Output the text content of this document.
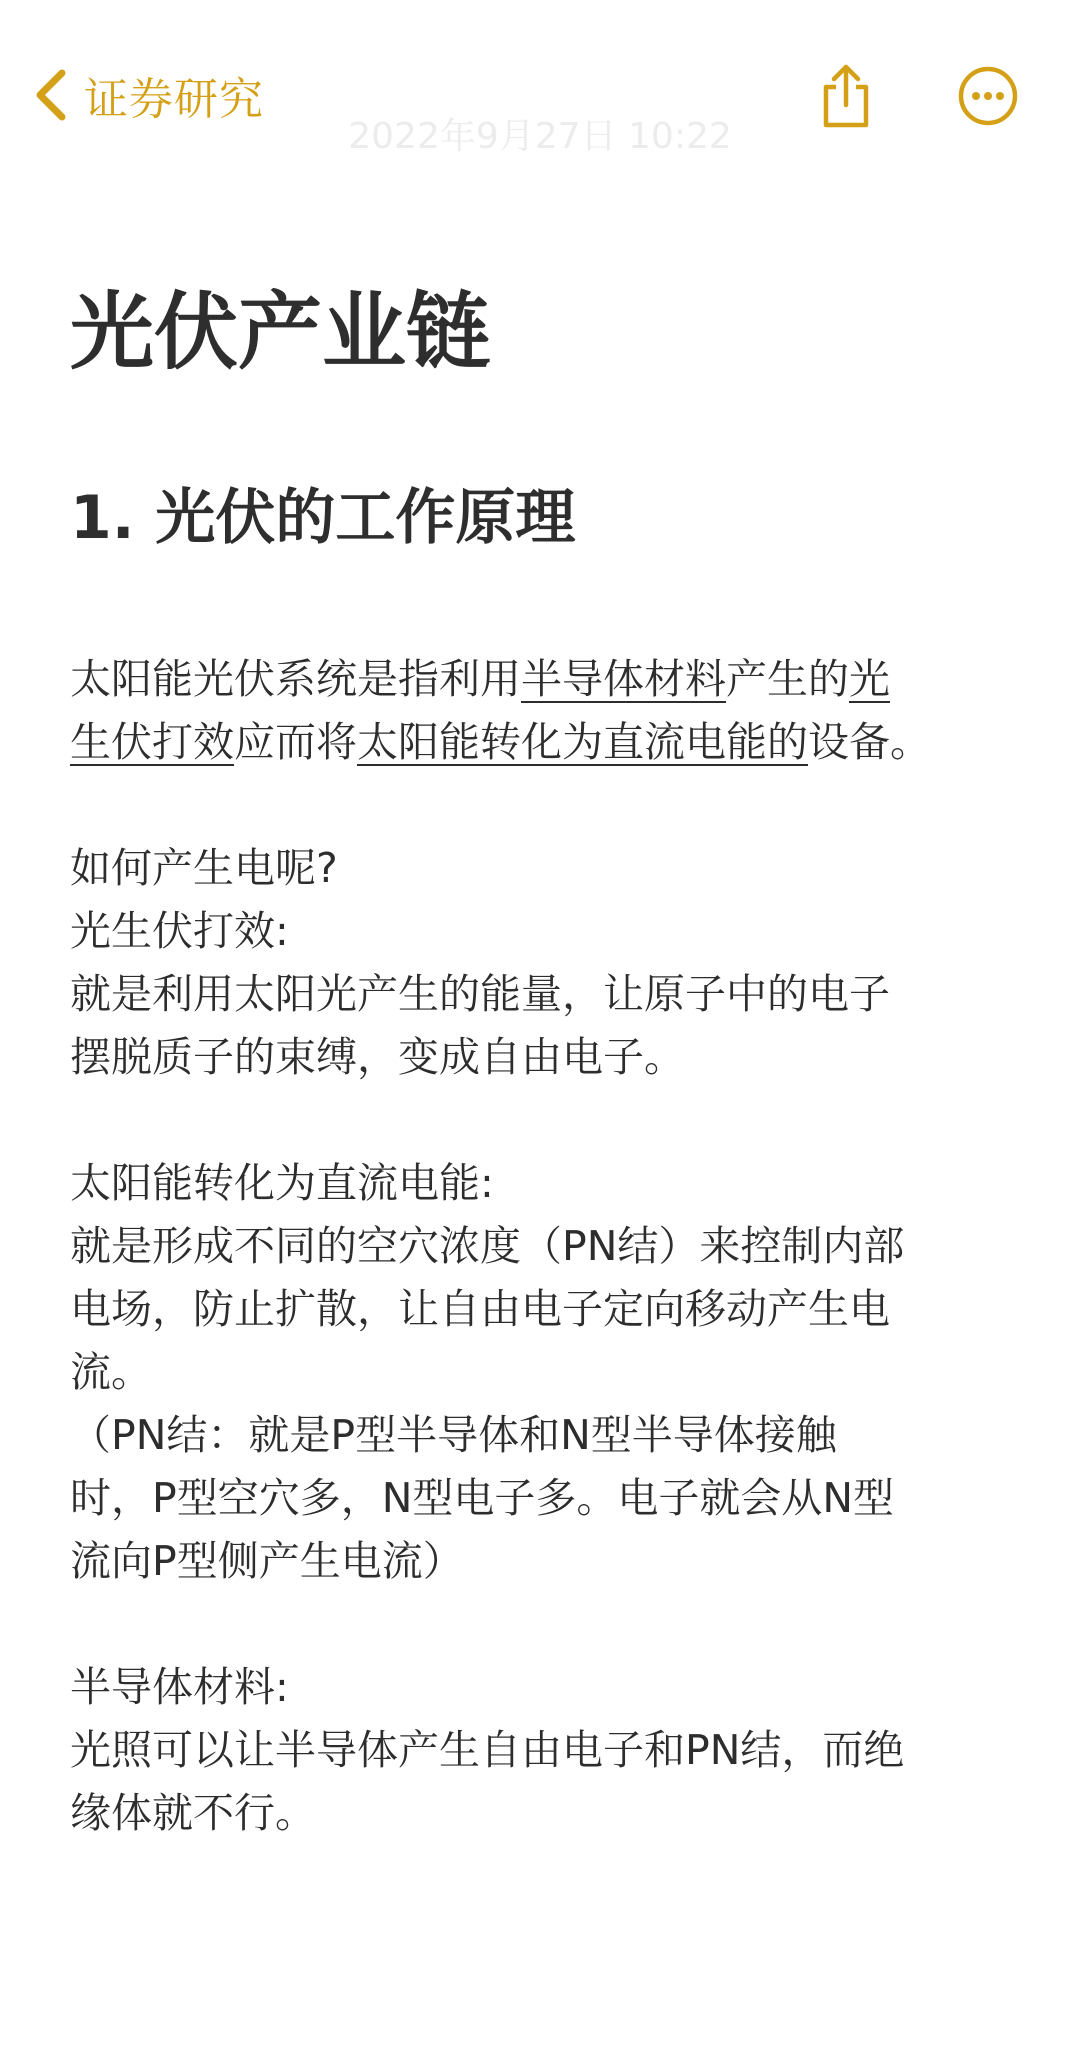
证券研究
2022年9月27日 10:22
光伏产业链
1. 光伏的工作原理

太阳能光伏系统是指利用半导体材料产生的光
生伏打效应而将太阳能转化为直流电能的设备。

如何产生电呢?

光生伏打效:

就是利用太阳光产生的能量，让原子中的电子

摆脱质子的束缚，变成自由电子。

太阳能转化为直流电能:

就是形成不同的空穴浓度（PN结）来控制内部

电场，防止扩散，让自由电子定向移动产生电

流。

（PN结：就是P型半导体和N型半导体接触

时，P型空穴多，N型电子多。电子就会从N型

流向P型侧产生电流）

半导体材料:

光照可以让半导体产生自由电子和PN结，而绝

缘体就不行。
